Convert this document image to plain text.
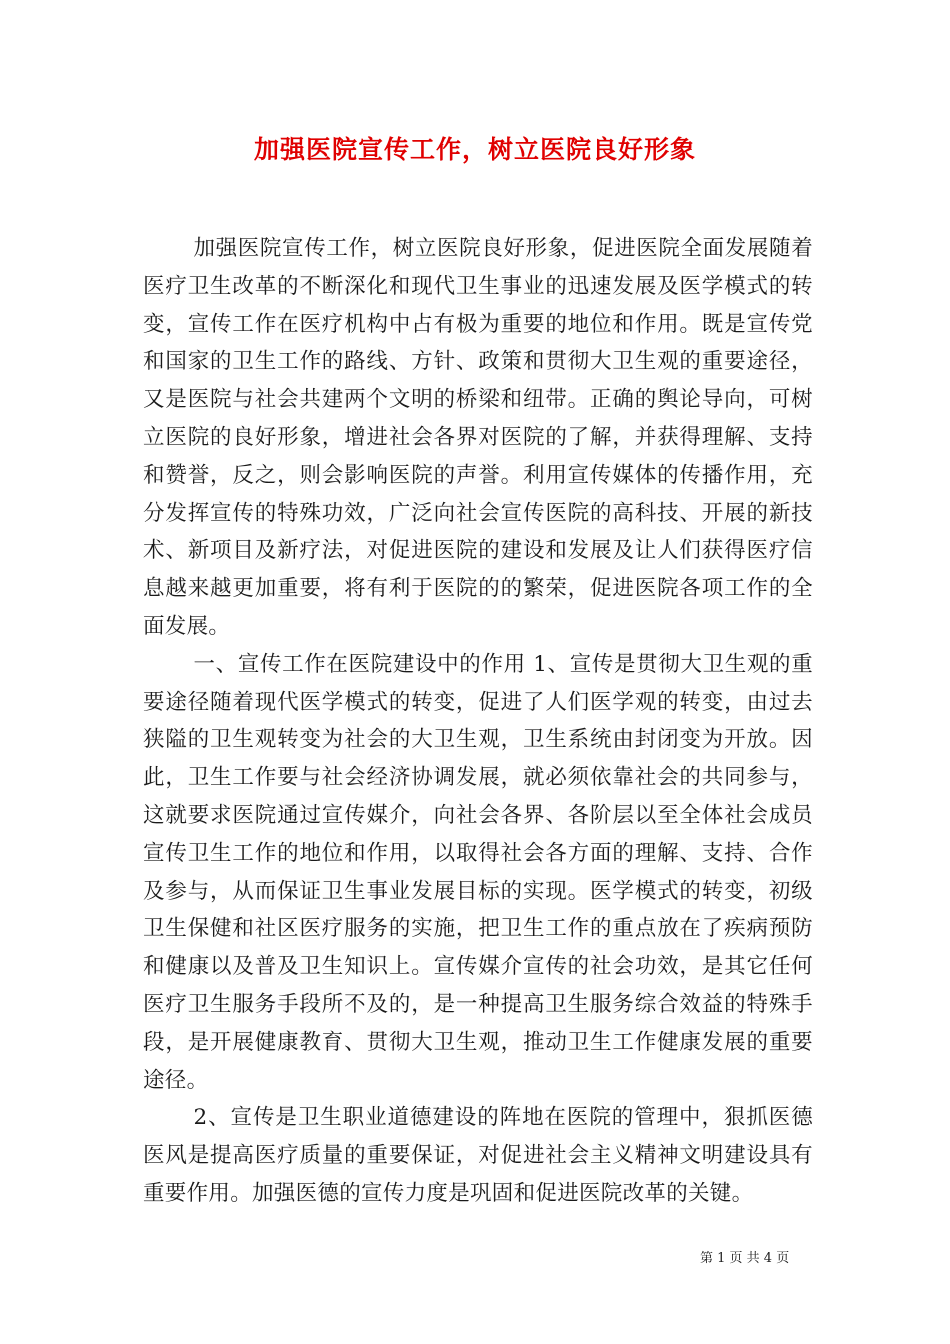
加强医院宣传工作，树立医院良好形象

加强医院宣传工作，树立医院良好形象，促进医院全面发展随着医疗卫生改革的不断深化和现代卫生事业的迅速发展及医学模式的转变，宣传工作在医疗机构中占有极为重要的地位和作用。既是宣传党和国家的卫生工作的路线、方针、政策和贯彻大卫生观的重要途径，又是医院与社会共建两个文明的桥梁和纽带。正确的舆论导向，可树立医院的良好形象，增进社会各界对医院的了解，并获得理解、支持和赞誉，反之，则会影响医院的声誉。利用宣传媒体的传播作用，充分发挥宣传的特殊功效，广泛向社会宣传医院的高科技、开展的新技术、新项目及新疗法，对促进医院的建设和发展及让人们获得医疗信息越来越更加重要，将有利于医院的的繁荣，促进医院各项工作的全面发展。

一、宣传工作在医院建设中的作用 1、宣传是贯彻大卫生观的重要途径随着现代医学模式的转变，促进了人们医学观的转变，由过去狭隘的卫生观转变为社会的大卫生观，卫生系统由封闭变为开放。因此，卫生工作要与社会经济协调发展，就必须依靠社会的共同参与，这就要求医院通过宣传媒介，向社会各界、各阶层以至全体社会成员宣传卫生工作的地位和作用，以取得社会各方面的理解、支持、合作及参与，从而保证卫生事业发展目标的实现。医学模式的转变，初级卫生保健和社区医疗服务的实施，把卫生工作的重点放在了疾病预防和健康以及普及卫生知识上。宣传媒介宣传的社会功效，是其它任何医疗卫生服务手段所不及的，是一种提高卫生服务综合效益的特殊手段，是开展健康教育、贯彻大卫生观，推动卫生工作健康发展的重要途径。

2、宣传是卫生职业道德建设的阵地在医院的管理中，狠抓医德医风是提高医疗质量的重要保证，对促进社会主义精神文明建设具有重要作用。加强医德的宣传力度是巩固和促进医院改革的关键。

第 1 页 共 4 页
